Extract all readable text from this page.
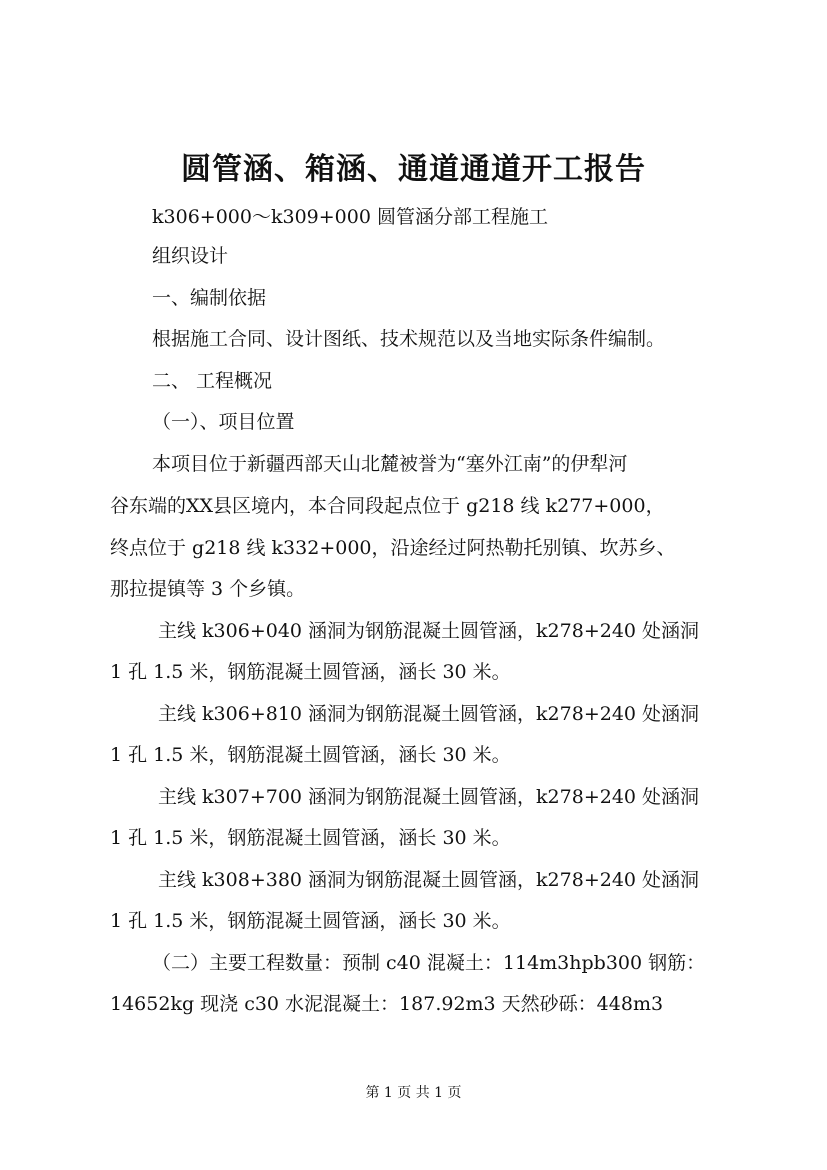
圆管涵、箱涵、通道通道开工报告
k306+000～k309+000 圆管涵分部工程施工
组织设计
一、编制依据
根据施工合同、设计图纸、技术规范以及当地实际条件编制。
二、 工程概况
（一）、项目位置
本项目位于新疆西部天山北麓被誉为“塞外江南”的伊犁河
谷东端的XX县区境内，本合同段起点位于 g218 线 k277+000，
终点位于 g218 线 k332+000，沿途经过阿热勒托别镇、坎苏乡、
那拉提镇等 3 个乡镇。
主线 k306+040 涵洞为钢筋混凝土圆管涵，k278+240 处涵洞
1 孔 1.5 米，钢筋混凝土圆管涵，涵长 30 米。
主线 k306+810 涵洞为钢筋混凝土圆管涵，k278+240 处涵洞
1 孔 1.5 米，钢筋混凝土圆管涵，涵长 30 米。
主线 k307+700 涵洞为钢筋混凝土圆管涵，k278+240 处涵洞
1 孔 1.5 米，钢筋混凝土圆管涵，涵长 30 米。
主线 k308+380 涵洞为钢筋混凝土圆管涵，k278+240 处涵洞
1 孔 1.5 米，钢筋混凝土圆管涵，涵长 30 米。
（二）主要工程数量：预制 c40 混凝土：114m3hpb300 钢筋：
14652kg 现浇 c30 水泥混凝土：187.92m3 天然砂砾：448m3
第 1 页 共 1 页
